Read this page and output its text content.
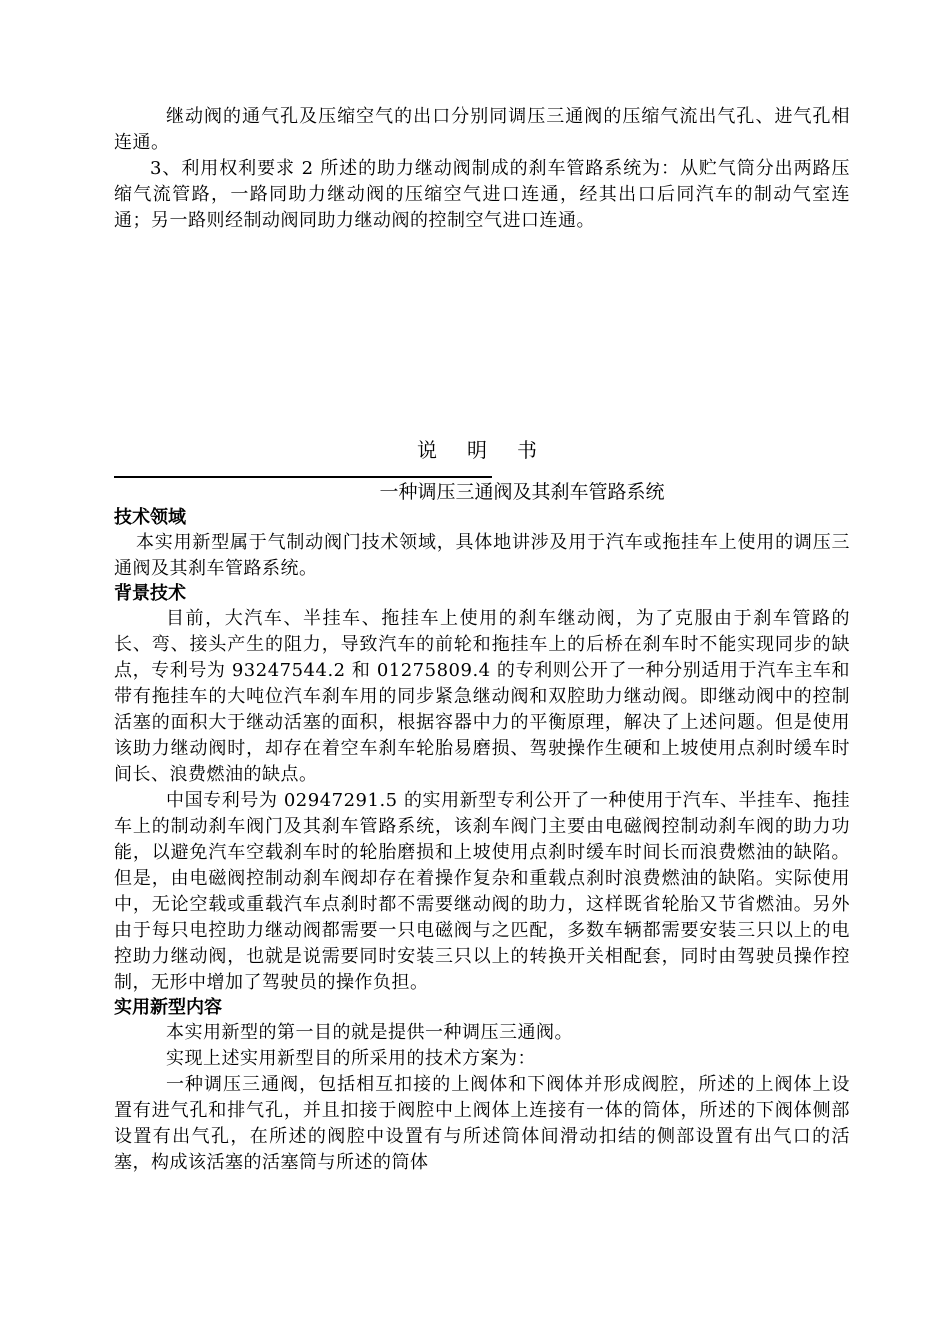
继动阀的通气孔及压缩空气的出口分别同调压三通阀的压缩气流出气孔、进气孔相连通。

3、利用权利要求 2 所述的助力继动阀制成的刹车管路系统为：从贮气筒分出两路压缩气流管路，一路同助力继动阀的压缩空气进口连通，经其出口后同汽车的制动气室连通；另一路则经制动阀同助力继动阀的控制空气进口连通。

说明书
一种调压三通阀及其刹车管路系统
技术领域

本实用新型属于气制动阀门技术领域，具体地讲涉及用于汽车或拖挂车上使用的调压三通阀及其刹车管路系统。

背景技术

目前，大汽车、半挂车、拖挂车上使用的刹车继动阀，为了克服由于刹车管路的长、弯、接头产生的阻力，导致汽车的前轮和拖挂车上的后桥在刹车时不能实现同步的缺点，专利号为 93247544.2 和 01275809.4 的专利则公开了一种分别适用于汽车主车和带有拖挂车的大吨位汽车刹车用的同步紧急继动阀和双腔助力继动阀。即继动阀中的控制活塞的面积大于继动活塞的面积，根据容器中力的平衡原理，解决了上述问题。但是使用该助力继动阀时，却存在着空车刹车轮胎易磨损、驾驶操作生硬和上坡使用点刹时缓车时间长、浪费燃油的缺点。

中国专利号为 02947291.5 的实用新型专利公开了一种使用于汽车、半挂车、拖挂车上的制动刹车阀门及其刹车管路系统，该刹车阀门主要由电磁阀控制动刹车阀的助力功能，以避免汽车空载刹车时的轮胎磨损和上坡使用点刹时缓车时间长而浪费燃油的缺陷。但是，由电磁阀控制动刹车阀却存在着操作复杂和重载点刹时浪费燃油的缺陷。实际使用中，无论空载或重载汽车点刹时都不需要继动阀的助力，这样既省轮胎又节省燃油。另外由于每只电控助力继动阀都需要一只电磁阀与之匹配，多数车辆都需要安装三只以上的电控助力继动阀，也就是说需要同时安装三只以上的转换开关相配套，同时由驾驶员操作控制，无形中增加了驾驶员的操作负担。

实用新型内容

本实用新型的第一目的就是提供一种调压三通阀。

实现上述实用新型目的所采用的技术方案为：

一种调压三通阀，包括相互扣接的上阀体和下阀体并形成阀腔，所述的上阀体上设置有进气孔和排气孔，并且扣接于阀腔中上阀体上连接有一体的筒体，所述的下阀体侧部设置有出气孔，在所述的阀腔中设置有与所述筒体间滑动扣结的侧部设置有出气口的活塞，构成该活塞的活塞筒与所述的筒体
